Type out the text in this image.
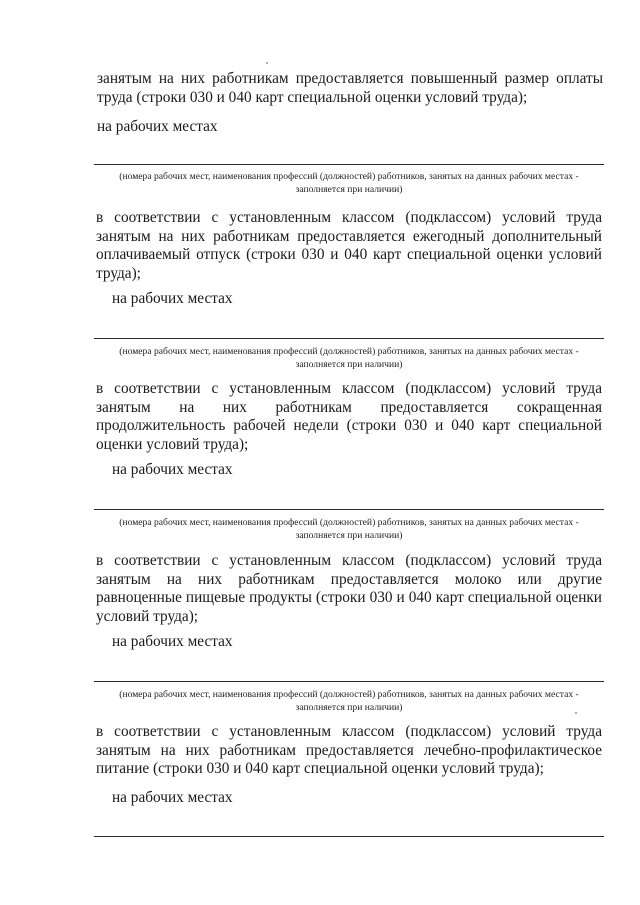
занятым на них работникам предоставляется повышенный размер оплаты труда (строки 030 и 040 карт специальной оценки условий труда);

на рабочих местах

(номера рабочих мест, наименования профессий (должностей) работников, занятых на данных рабочих местах - заполняется при наличии)

в соответствии с установленным классом (подклассом) условий труда занятым на них работникам предоставляется ежегодный дополнительный оплачиваемый отпуск (строки 030 и 040 карт специальной оценки условий труда);

на рабочих местах

(номера рабочих мест, наименования профессий (должностей) работников, занятых на данных рабочих местах - заполняется при наличии)

в соответствии с установленным классом (подклассом) условий труда занятым на них работникам предоставляется сокращенная продолжительность рабочей недели (строки 030 и 040 карт специальной оценки условий труда);

на рабочих местах

(номера рабочих мест, наименования профессий (должностей) работников, занятых на данных рабочих местах - заполняется при наличии)

в соответствии с установленным классом (подклассом) условий труда занятым на них работникам предоставляется молоко или другие равноценные пищевые продукты (строки 030 и 040 карт специальной оценки условий труда);

на рабочих местах

(номера рабочих мест, наименования профессий (должностей) работников, занятых на данных рабочих местах - заполняется при наличии)

в соответствии с установленным классом (подклассом) условий труда занятым на них работникам предоставляется лечебно-профилактическое питание (строки 030 и 040 карт специальной оценки условий труда);

на рабочих местах
